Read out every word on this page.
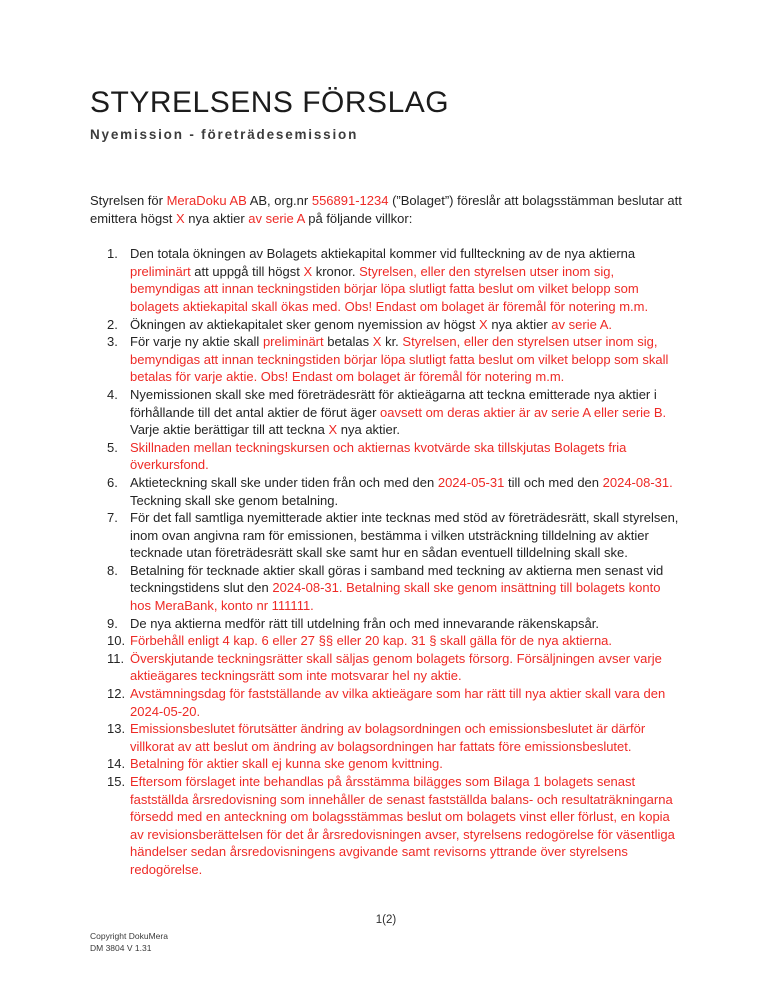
STYRELSENS FÖRSLAG
Nyemission - företrädesemission

Styrelsen för MeraDoku AB AB, org.nr 556891-1234 (”Bolaget”) föreslår att bolagsstämman beslutar att emittera högst X nya aktier av serie A på följande villkor:

1. Den totala ökningen av Bolagets aktiekapital kommer vid fullteckning av de nya aktierna preliminärt att uppgå till högst X kronor. Styrelsen, eller den styrelsen utser inom sig, bemyndigas att innan teckningstiden börjar löpa slutligt fatta beslut om vilket belopp som bolagets aktiekapital skall ökas med. Obs! Endast om bolaget är föremål för notering m.m.
2. Ökningen av aktiekapitalet sker genom nyemission av högst X nya aktier av serie A.
3. För varje ny aktie skall preliminärt betalas X kr. Styrelsen, eller den styrelsen utser inom sig, bemyndigas att innan teckningstiden börjar löpa slutligt fatta beslut om vilket belopp som skall betalas för varje aktie. Obs! Endast om bolaget är föremål för notering m.m.
4. Nyemissionen skall ske med företrädesrätt för aktieägarna att teckna emitterade nya aktier i förhållande till det antal aktier de förut äger oavsett om deras aktier är av serie A eller serie B. Varje aktie berättigar till att teckna X nya aktier.
5. Skillnaden mellan teckningskursen och aktiernas kvotvärde ska tillskjutas Bolagets fria överkursfond.
6. Aktieteckning skall ske under tiden från och med den 2024-05-31 till och med den 2024-08-31. Teckning skall ske genom betalning.
7. För det fall samtliga nyemitterade aktier inte tecknas med stöd av företrädesrätt, skall styrelsen, inom ovan angivna ram för emissionen, bestämma i vilken utsträckning tilldelning av aktier tecknade utan företrädesrätt skall ske samt hur en sådan eventuell tilldelning skall ske.
8. Betalning för tecknade aktier skall göras i samband med teckning av aktierna men senast vid teckningstidens slut den 2024-08-31. Betalning skall ske genom insättning till bolagets konto hos MeraBank, konto nr 111111.
9. De nya aktierna medför rätt till utdelning från och med innevarande räkenskapsår.
10. Förbehåll enligt 4 kap. 6 eller 27 §§ eller 20 kap. 31 § skall gälla för de nya aktierna.
11. Överskjutande teckningsrätter skall säljas genom bolagets försorg. Försäljningen avser varje aktieägares teckningsrätt som inte motsvarar hel ny aktie.
12. Avstämningsdag för fastställande av vilka aktieägare som har rätt till nya aktier skall vara den 2024-05-20.
13. Emissionsbeslutet förutsätter ändring av bolagsordningen och emissionsbeslutet är därför villkorat av att beslut om ändring av bolagsordningen har fattats före emissionsbeslutet.
14. Betalning för aktier skall ej kunna ske genom kvittning.
15. Eftersom förslaget inte behandlas på årsstämma bilägges som Bilaga 1 bolagets senast fastställda årsredovisning som innehåller de senast fastställda balans- och resultaträkningarna försedd med en anteckning om bolagsstämmas beslut om bolagets vinst eller förlust, en kopia av revisionsberättelsen för det år årsredovisningen avser, styrelsens redogörelse för väsentliga händelser sedan årsredovisningens avgivande samt revisorns yttrande över styrelsens redogörelse.
1(2)
Copyright DokuMera
DM 3804 V 1.31
